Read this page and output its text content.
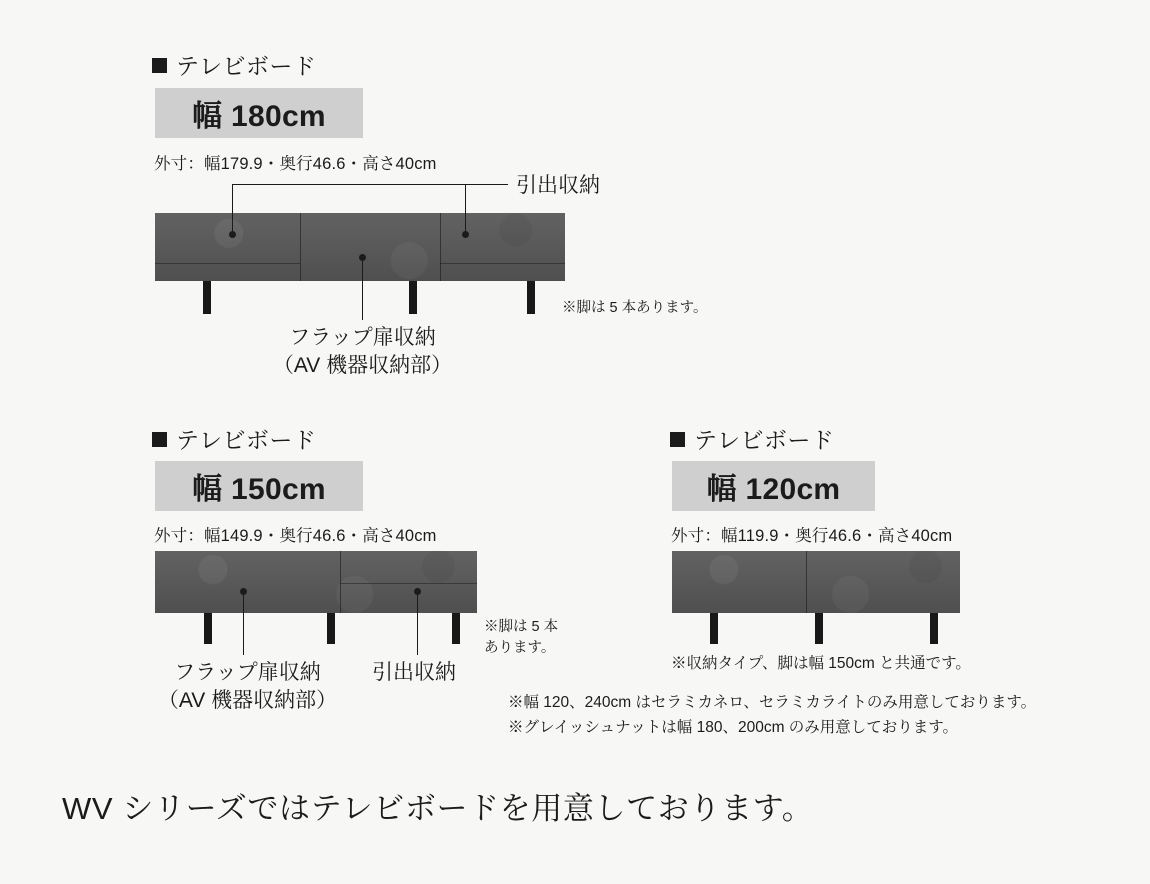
テレビボード
幅 180cm
外寸：幅179.9・奥行46.6・高さ40cm
引出収納
フラップ扉収納
（AV 機器収納部）
※脚は 5 本あります。
テレビボード
幅 150cm
外寸：幅149.9・奥行46.6・高さ40cm
フラップ扉収納
（AV 機器収納部）
引出収納
※脚は 5 本
あります。
テレビボード
幅 120cm
外寸：幅119.9・奥行46.6・高さ40cm
※収納タイプ、脚は幅 150cm と共通です。
※幅 120、240cm はセラミカネロ、セラミカライトのみ用意しております。
※グレイッシュナットは幅 180、200cm のみ用意しております。
WV シリーズではテレビボードを用意しております。
